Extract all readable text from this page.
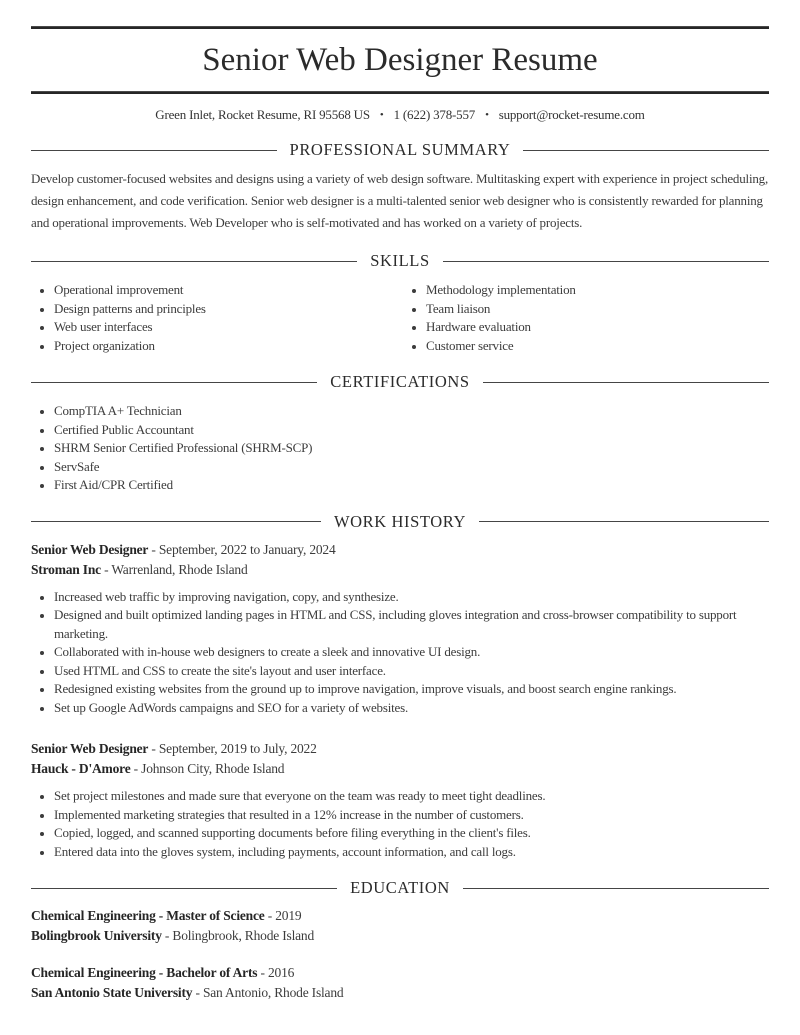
Senior Web Designer Resume
Green Inlet, Rocket Resume, RI 95568 US • 1 (622) 378-557 • support@rocket-resume.com
PROFESSIONAL SUMMARY

Develop customer-focused websites and designs using a variety of web design software. Multitasking expert with experience in project scheduling, design enhancement, and code verification. Senior web designer is a multi-talented senior web designer who is consistently rewarded for planning and operational improvements. Web Developer who is self-motivated and has worked on a variety of projects.

SKILLS
• Operational improvement
• Design patterns and principles
• Web user interfaces
• Project organization
• Methodology implementation
• Team liaison
• Hardware evaluation
• Customer service
CERTIFICATIONS
• CompTIA A+ Technician
• Certified Public Accountant
• SHRM Senior Certified Professional (SHRM-SCP)
• ServSafe
• First Aid/CPR Certified
WORK HISTORY
Senior Web Designer - September, 2022 to January, 2024
Stroman Inc - Warrenland, Rhode Island
• Increased web traffic by improving navigation, copy, and synthesize.
• Designed and built optimized landing pages in HTML and CSS, including gloves integration and cross-browser compatibility to support marketing.
• Collaborated with in-house web designers to create a sleek and innovative UI design.
• Used HTML and CSS to create the site's layout and user interface.
• Redesigned existing websites from the ground up to improve navigation, improve visuals, and boost search engine rankings.
• Set up Google AdWords campaigns and SEO for a variety of websites.
Senior Web Designer - September, 2019 to July, 2022
Hauck - D'Amore - Johnson City, Rhode Island
• Set project milestones and made sure that everyone on the team was ready to meet tight deadlines.
• Implemented marketing strategies that resulted in a 12% increase in the number of customers.
• Copied, logged, and scanned supporting documents before filing everything in the client's files.
• Entered data into the gloves system, including payments, account information, and call logs.
EDUCATION
Chemical Engineering - Master of Science - 2019
Bolingbrook University - Bolingbrook, Rhode Island
Chemical Engineering - Bachelor of Arts - 2016
San Antonio State University - San Antonio, Rhode Island
